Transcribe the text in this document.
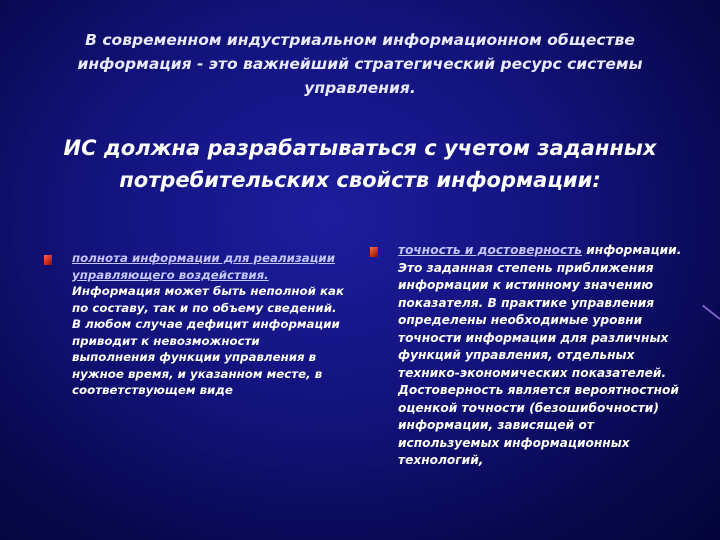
В современном индустриальном информационном обществе информация - это важнейший стратегический ресурс системы управления.
ИС должна разрабатываться с учетом заданных потребительских свойств информации:
полнота информации для реализации управляющего воздействия. Информация может быть неполной как по составу, так и по объему сведений. В любом случае дефицит информации приводит к невозможности выполнения функции управления в нужное время, и указанном месте, в соответствующем виде
точность и достоверность информации. Это заданная степень приближения информации к истинному значению показателя. В практике управления определены необходимые уровни точности информации для различных функций управления, отдельных технико-экономических показателей. Достоверность является вероятностной оценкой точности (безошибочности) информации, зависящей от используемых информационных технологий,
